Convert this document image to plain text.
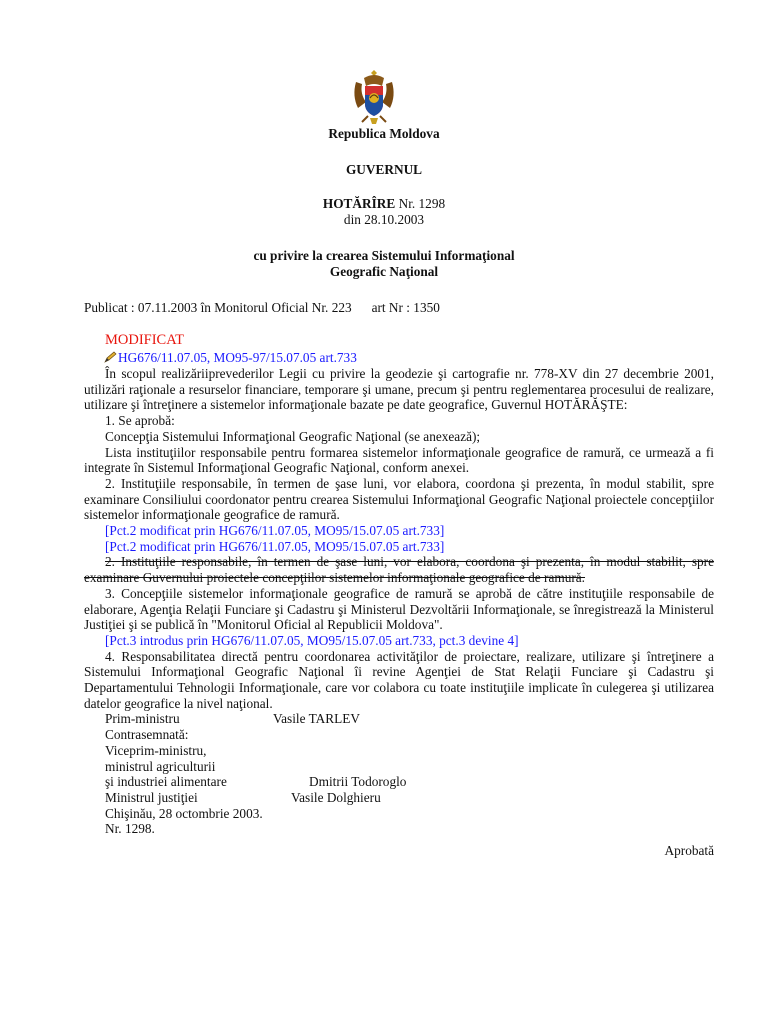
Republica Moldova
GUVERNUL
HOTĂRÎRE Nr. 1298
din 28.10.2003
cu privire la crearea Sistemului Informaţional
Geografic Naţional
Publicat : 07.11.2003 în Monitorul Oficial Nr. 223      art Nr : 1350
MODIFICAT
HG676/11.07.05, MO95-97/15.07.05 art.733

În scopul realizăriiprevederilor Legii cu privire la geodezie şi cartografie nr. 778-XV din 27 decembrie 2001, utilizări raţionale a resurselor financiare, temporare şi umane, precum şi pentru reglementarea procesului de realizare, utilizare şi întreţinere a sistemelor informaţionale bazate pe date geografice, Guvernul HOTĂRĂŞTE:

1. Se aprobă:

Concepţia Sistemului Informaţional Geografic Naţional (se anexează);

Lista instituţiilor responsabile pentru formarea sistemelor informaţionale geografice de ramură, ce urmează a fi integrate în Sistemul Informaţional Geografic Naţional, conform anexei.

2. Instituţiile responsabile, în termen de şase luni, vor elabora, coordona şi prezenta, în modul stabilit, spre examinare Consiliului coordonator pentru crearea Sistemului Informaţional Geografic Naţional proiectele concepţiilor sistemelor informaţionale geografice de ramură.

[Pct.2 modificat prin HG676/11.07.05, MO95/15.07.05 art.733]

[Pct.2 modificat prin HG676/11.07.05, MO95/15.07.05 art.733]

2. Instituţiile responsabile, în termen de şase luni, vor elabora, coordona şi prezenta, în modul stabilit, spre examinare Guvernului proiectele concepţiilor sistemelor informaţionale geografice de ramură.

3. Concepţiile sistemelor informaţionale geografice de ramură se aprobă de către instituţiile responsabile de elaborare, Agenţia Relaţii Funciare şi Cadastru şi Ministerul Dezvoltării Informaţionale, se înregistrează la Ministerul Justiţiei şi se publică în "Monitorul Oficial al Republicii Moldova".

[Pct.3 introdus prin HG676/11.07.05, MO95/15.07.05 art.733, pct.3 devine 4]

4. Responsabilitatea directă pentru coordonarea activităţilor de proiectare, realizare, utilizare şi întreţinere a Sistemului Informaţional Geografic Naţional îi revine Agenţiei de Stat Relaţii Funciare şi Cadastru şi Departamentului Tehnologii Informaţionale, care vor colabora cu toate instituţiile implicate în culegerea şi utilizarea datelor geografice la nivel naţional.

Prim-ministru	Vasile TARLEV

Contrasemnată:

Viceprim-ministru,

ministrul agriculturii

şi industriei alimentare	Dmitrii Todoroglo

Ministrul justiţiei	Vasile Dolghieru

Chişinău, 28 octombrie 2003.

Nr. 1298.

Aprobată
